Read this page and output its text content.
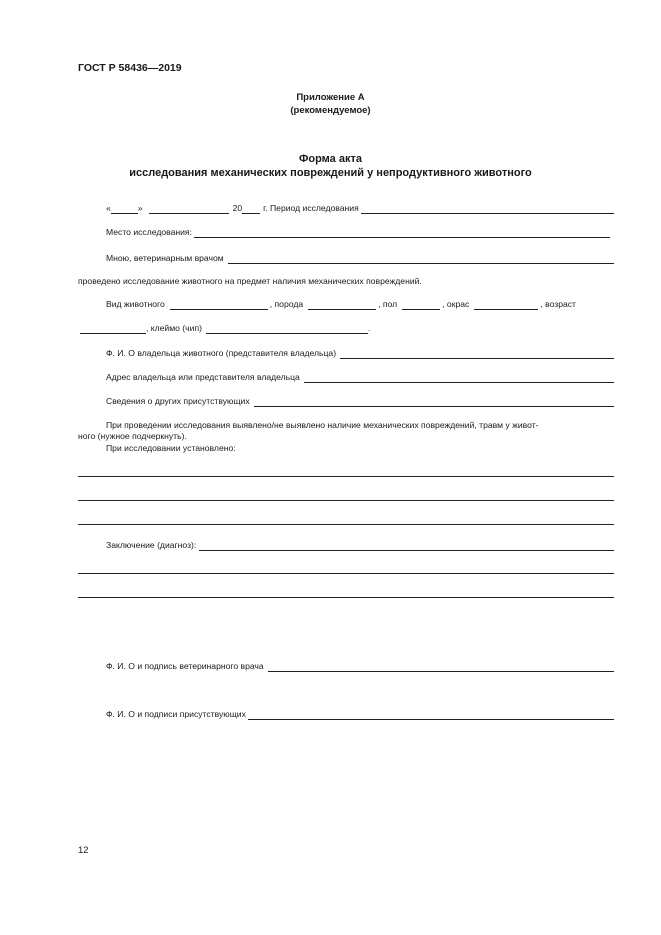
ГОСТ Р 58436—2019
Приложение А
(рекомендуемое)
Форма акта
исследования механических повреждений у непродуктивного животного
«	»	20 г. Период исследования
Место исследования:
Мною, ветеринарным врачом
проведено исследование животного на предмет наличия механических повреждений.
Вид животного	, порода	, пол	, окрас	, возраст
, клеймо (чип)	.
Ф. И. О владельца животного (представителя владельца)
Адрес владельца или представителя владельца
Сведения о других присутствующих
При проведении исследования выявлено/не выявлено наличие механических повреждений, травм у живот-
ного (нужное подчеркнуть).
При исследовании установлено:
Заключение (диагноз):
Ф. И. О и подпись ветеринарного врача
Ф. И. О и подписи присутствующих
12
